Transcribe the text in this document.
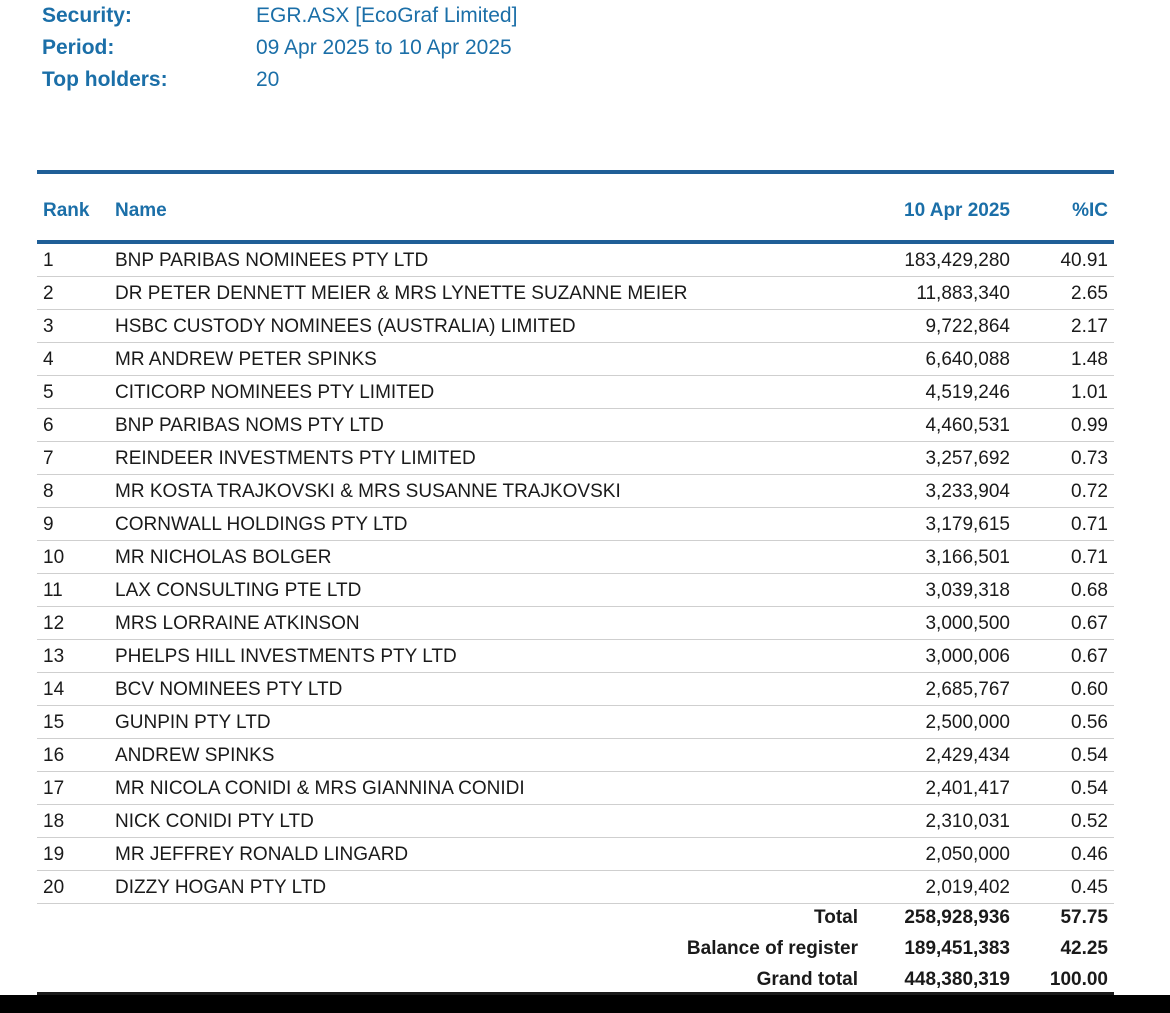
Security:	EGR.ASX [EcoGraf Limited]
Period:	09 Apr 2025 to 10 Apr 2025
Top holders:	20
Rank Name	10 Apr 2025	%IC
1	BNP PARIBAS NOMINEES PTY LTD	183,429,280	40.91
2	DR PETER DENNETT MEIER & MRS LYNETTE SUZANNE MEIER	11,883,340	2.65
3	HSBC CUSTODY NOMINEES (AUSTRALIA) LIMITED	9,722,864	2.17
4	MR ANDREW PETER SPINKS	6,640,088	1.48
5	CITICORP NOMINEES PTY LIMITED	4,519,246	1.01
6	BNP PARIBAS NOMS PTY LTD	4,460,531	0.99
7	REINDEER INVESTMENTS PTY LIMITED	3,257,692	0.73
8	MR KOSTA TRAJKOVSKI & MRS SUSANNE TRAJKOVSKI	3,233,904	0.72
9	CORNWALL HOLDINGS PTY LTD	3,179,615	0.71
10	MR NICHOLAS BOLGER	3,166,501	0.71
11	LAX CONSULTING PTE LTD	3,039,318	0.68
12	MRS LORRAINE ATKINSON	3,000,500	0.67
13	PHELPS HILL INVESTMENTS PTY LTD	3,000,006	0.67
14	BCV NOMINEES PTY LTD	2,685,767	0.60
15	GUNPIN PTY LTD	2,500,000	0.56
16	ANDREW SPINKS	2,429,434	0.54
17	MR NICOLA CONIDI & MRS GIANNINA CONIDI	2,401,417	0.54
18	NICK CONIDI PTY LTD	2,310,031	0.52
19	MR JEFFREY RONALD LINGARD	2,050,000	0.46
20	DIZZY HOGAN PTY LTD	2,019,402	0.45
Total 258,928,936	57.75
Balance of register 189,451,383	42.25
Grand total 448,380,319 100.00
